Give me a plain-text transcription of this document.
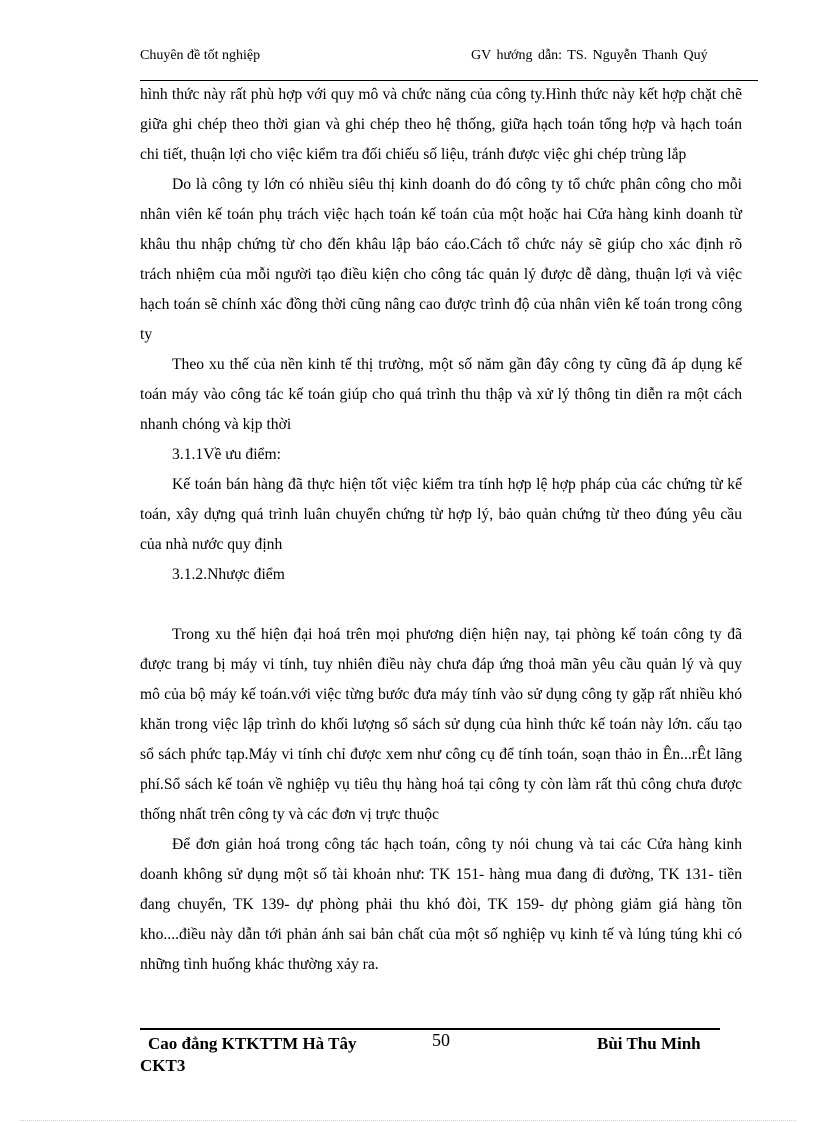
Chuyên đề tốt nghiệp	GV hướng dẫn: TS. Nguyễn Thanh Quý

hình thức này rất phù hợp với quy mô và chức năng của công ty.Hình thức này kết hợp chặt chẽ giữa ghi chép theo thời gian và ghi chép theo hệ thống, giữa hạch toán tổng hợp và hạch toán chi tiết, thuận lợi cho việc kiểm tra đối chiếu số liệu, tránh được việc ghi chép trùng lắp

Do là công ty lớn có nhiều siêu thị kinh doanh do đó công ty tổ chức phân công cho mỗi nhân viên kế toán phụ trách việc hạch toán kế toán của một hoặc hai Cửa hàng kinh doanh từ khâu thu nhập chứng từ cho đến khâu lập báo cáo.Cách tổ chức náy sẽ giúp cho xác định rõ trách nhiệm của mỗi người tạo điều kiện cho công tác quản lý được dễ dàng, thuận lợi và việc hạch toán sẽ chính xác đồng thời cũng nâng cao được trình độ của nhân viên kế toán trong công ty

Theo xu thế của nền kinh tế thị trường, một số năm gần đây công ty cũng đã áp dụng kế toán máy vào công tác kế toán giúp cho quá trình thu thập và xử lý thông tin diễn ra một cách nhanh chóng và kịp thời

3.1.1Về ưu điểm:

Kế toán bán hàng đã thực hiện tốt việc kiểm tra tính hợp lệ hợp pháp của các chứng từ kế toán, xây dựng quá trình luân chuyển chứng từ hợp lý, bảo quản chứng từ theo đúng yêu cầu của nhà nước quy định

3.1.2.Nhược điểm

Trong xu thế hiện đại hoá trên mọi phương diện hiện nay, tại phòng kế toán công ty đã được trang bị máy vi tính, tuy nhiên điều này chưa đáp ứng thoả mãn yêu cầu quản lý và quy mô của bộ máy kế toán.với việc từng bước đưa máy tính vào sử dụng công ty gặp rất nhiều khó khăn trong việc lập trình do khối lượng sổ sách sử dụng của hình thức kế toán này lớn. cấu tạo sổ sách phức tạp.Máy vi tính chỉ được xem như công cụ để tính toán, soạn thảo in Ên...rÊt lãng phí.Sổ sách kế toán về nghiệp vụ tiêu thụ hàng hoá tại công ty còn làm rất thủ công chưa được thống nhất trên công ty và các đơn vị trực thuộc

Để đơn giản hoá trong công tác hạch toán, công ty nói chung và tai các Cửa hàng kinh doanh không sử dụng một số tài khoản như: TK 151- hàng mua đang đi đường, TK 131- tiền đang chuyển, TK 139- dự phòng phải thu khó đòi, TK 159- dự phòng giảm giá hàng tồn kho....điều này dẫn tới phản ánh sai bản chất của một số nghiệp vụ kinh tế và lúng túng khi có những tình huống khác thường xảy ra.

Cao đẳng KTKTTM Hà Tây
CKT3
50	Bùi Thu Minh
